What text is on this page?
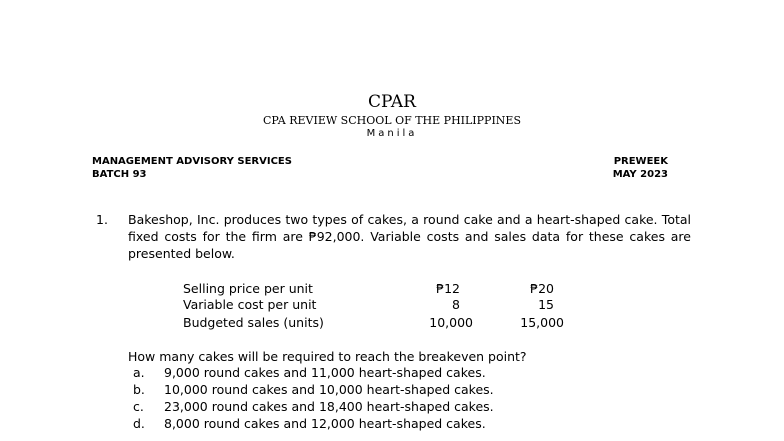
CPAR
CPA REVIEW SCHOOL OF THE PHILIPPINES
Manila
MANAGEMENT ADVISORY SERVICES
BATCH 93
PREWEEK
MAY 2023
1. Bakeshop, Inc. produces two types of cakes, a round cake and a heart-shaped cake. Total fixed costs for the firm are ₱92,000. Variable costs and sales data for these cakes are presented below.
Selling price per unit	₱12	₱20
Variable cost per unit	8	15
Budgeted sales (units)	10,000	15,000
How many cakes will be required to reach the breakeven point?
a. 9,000 round cakes and 11,000 heart-shaped cakes.
b. 10,000 round cakes and 10,000 heart-shaped cakes.
c. 23,000 round cakes and 18,400 heart-shaped cakes.
d. 8,000 round cakes and 12,000 heart-shaped cakes.
